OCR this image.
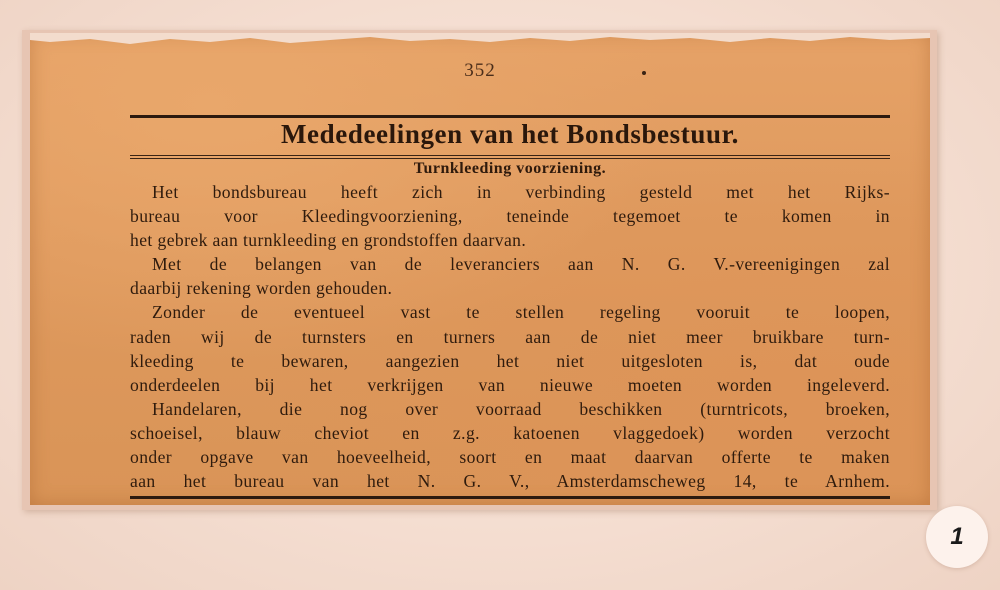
352
Mededeelingen van het Bondsbestuur.
Turnkleeding voorziening.
Het bondsbureau heeft zich in verbinding gesteld met het Rijks-
bureau voor Kleedingvoorziening, teneinde tegemoet te komen in
het gebrek aan turnkleeding en grondstoffen daarvan.
Met de belangen van de leveranciers aan N. G. V.-vereenigingen zal
daarbij rekening worden gehouden.
Zonder de eventueel vast te stellen regeling vooruit te loopen,
raden wij de turnsters en turners aan de niet meer bruikbare turn-
kleeding te bewaren, aangezien het niet uitgesloten is, dat oude
onderdeelen bij het verkrijgen van nieuwe moeten worden ingeleverd.
Handelaren, die nog over voorraad beschikken (turntricots, broeken,
schoeisel, blauw cheviot en z.g. katoenen vlaggedoek) worden verzocht
onder opgave van hoeveelheid, soort en maat daarvan offerte te maken
aan het bureau van het N. G. V., Amsterdamscheweg 14, te Arnhem.
1
